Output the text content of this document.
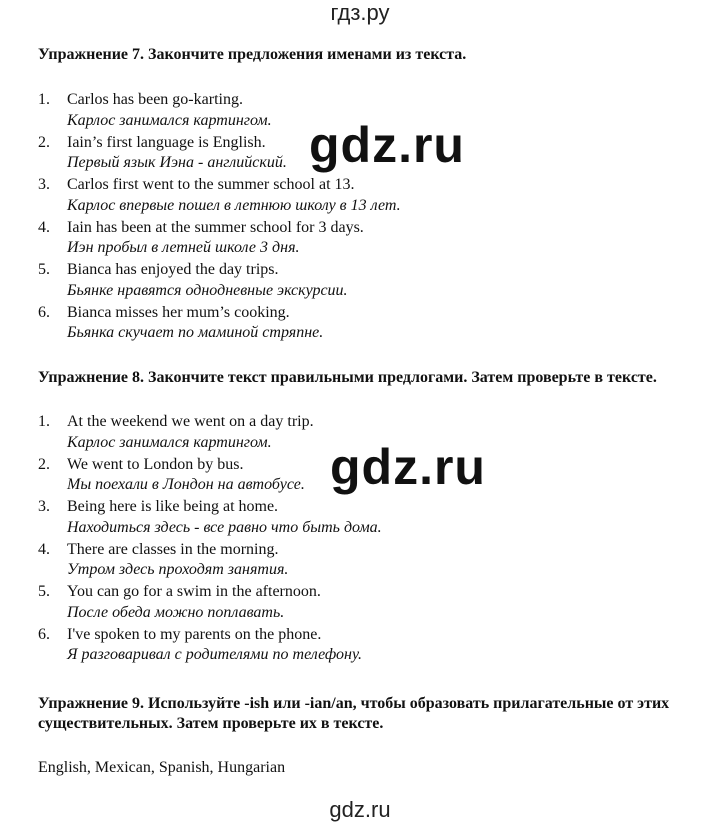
гдз.ру

Упражнение 7. Закончите предложения именами из текста.

1.	Carlos has been go-karting.
Карлос занимался картингом.
2.	Iain’s first language is English.
Первый язык Иэна - английский.
3.	Carlos first went to the summer school at 13.
Карлос впервые пошел в летнюю школу в 13 лет.
4.	Iain has been at the summer school for 3 days.
Иэн пробыл в летней школе 3 дня.
5.	Bianca has enjoyed the day trips.
Бьянке нравятся однодневные экскурсии.
6.	Bianca misses her mum’s cooking.
Бьянка скучает по маминой стряпне.

Упражнение 8. Закончите текст правильными предлогами. Затем проверьте в тексте.

1.	At the weekend we went on a day trip.
Карлос занимался картингом.
2.	We went to London by bus.
Мы поехали в Лондон на автобусе.
3.	Being here is like being at home.
Находиться здесь - все равно что быть дома.
4.	There are classes in the morning.
Утром здесь проходят занятия.
5.	You can go for a swim in the afternoon.
После обеда можно поплавать.
6.	I've spoken to my parents on the phone.
Я разговаривал с родителями по телефону.

Упражнение 9. Используйте -ish или -ian/an, чтобы образовать прилагательные от этих существительных. Затем проверьте их в тексте.

English, Mexican, Spanish, Hungarian
gdz.ru
gdz.ru
gdz.ru
